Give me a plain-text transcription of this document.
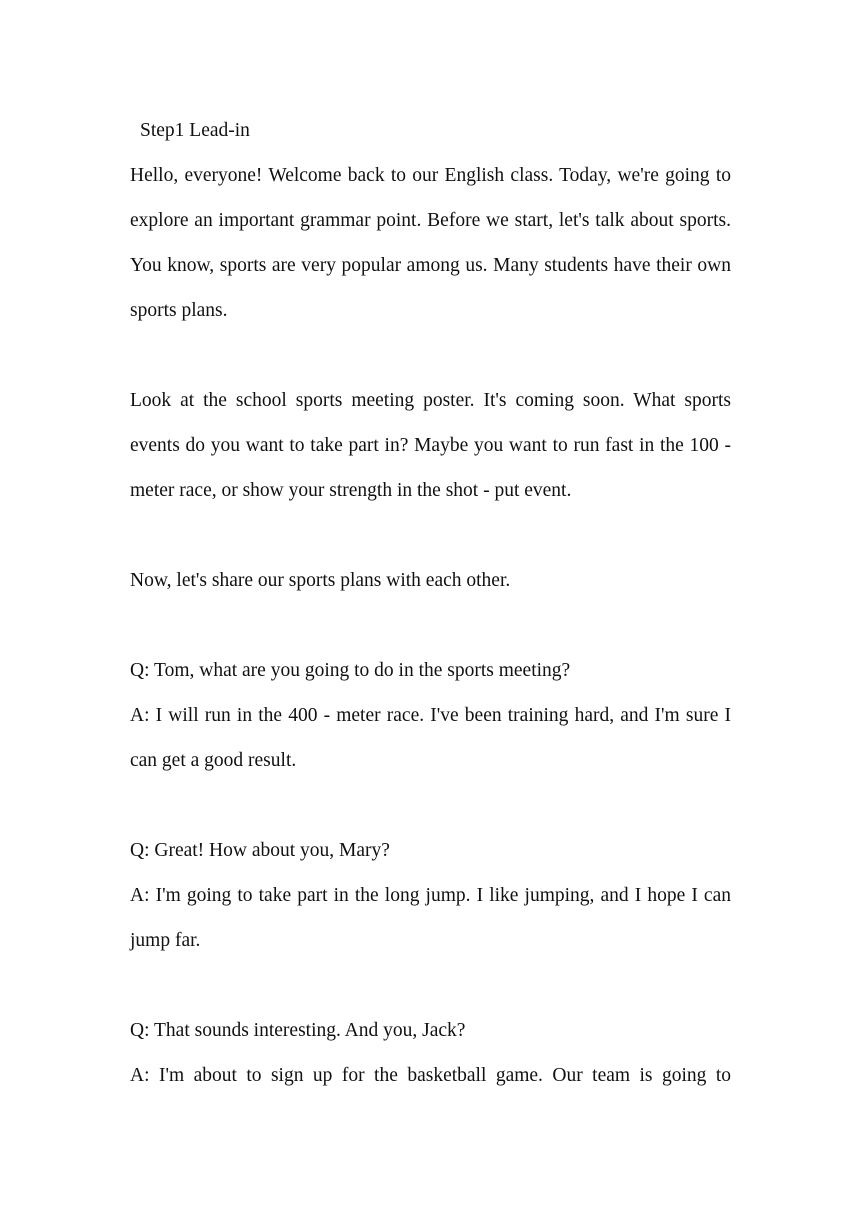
Step1 Lead-in

Hello, everyone! Welcome back to our English class. Today, we're going to explore an important grammar point. Before we start, let's talk about sports. You know, sports are very popular among us. Many students have their own sports plans.

Look at the school sports meeting poster. It's coming soon. What sports events do you want to take part in? Maybe you want to run fast in the 100 - meter race, or show your strength in the shot - put event.

Now, let's share our sports plans with each other.

Q: Tom, what are you going to do in the sports meeting?

A: I will run in the 400 - meter race. I've been training hard, and I'm sure I can get a good result.

Q: Great! How about you, Mary?

A: I'm going to take part in the long jump. I like jumping, and I hope I can jump far.

Q: That sounds interesting. And you, Jack?

A: I'm about to sign up for the basketball game. Our team is going to
